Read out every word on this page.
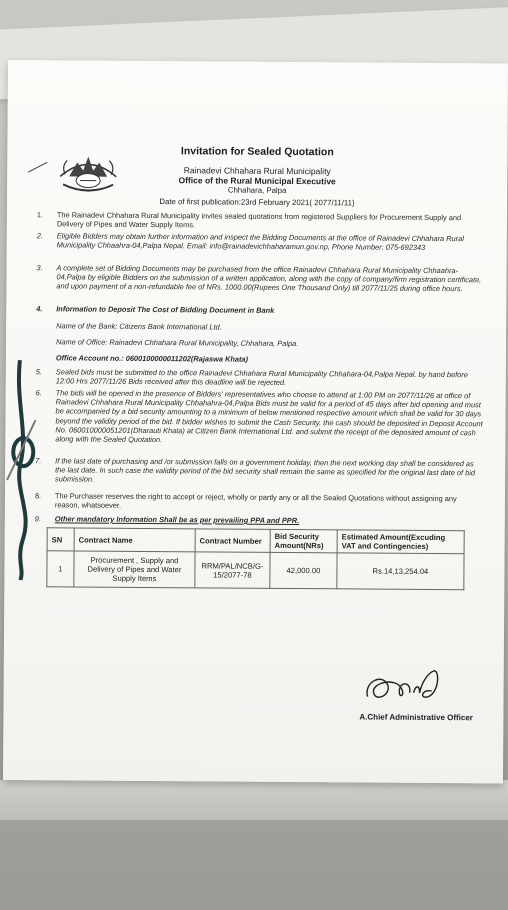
Invitation for Sealed Quotation
Rainadevi Chhahara Rural Municipality
Office of the Rural Municipal Executive
Chhahara, Palpa
Date of first publication:23rd February 2021( 2077/11/11)
1. The Rainadevi Chhahara Rural Municipality invites sealed quotations from registered Suppliers for Procurement Supply and Delivery of Pipes and Water Supply Items.
2. Eligible Bidders may obtain further information and inspect the Bidding Documents at the office of Rainadevi Chhahara Rural Municipality Chhaahra-04,Palpa Nepal. Email: info@rainadevichhaharamun.gov.np, Phone Number: 075-692343
3. A complete set of Bidding Documents may be purchased from the office Rainadevi Chhahara Rural Municipality Chhaahra-04,Palpa by eligible Bidders on the submission of a written application, along with the copy of company/firm registration certificate, and upon payment of a non-refundable fee of NRs. 1000.00(Rupees One Thousand Only) till 2077/11/25 during office hours.
4. Information to Deposit The Cost of Bidding Document in Bank
Name of the Bank: Citizens Bank International Ltd.
Name of Office: Rainadevi Chhahara Rural Municipality, Chhahara, Palpa.
Office Account no.: 0600100000011202(Rajaswa Khata)
5. Sealed bids must be submitted to the office Rainadevi Chhahara Rural Municipality Chhahara-04,Palpa Nepal. by hand before 12:00 Hrs 2077/11/26 Bids received after this deadline will be rejected.
6. The bids will be opened in the presence of Bidders' representatives who choose to attend at 1:00 PM on 2077/11/26 at office of Rainadevi Chhahara Rural Municipality Chhahahra-04,Palpa Bids must be valid for a period of 45 days after bid opening and must be accompanied by a bid security amounting to a minimum of below mentioned respective amount which shall be valid for 30 days beyond the validity period of the bid. If bidder wishes to submit the Cash Security, the cash should be deposited in Deposit Account No. 060010000051201(Dharauti Khata) at Citizen Bank International Ltd. and submit the receipt of the deposited amount of cash along with the Sealed Quotation.
7. If the last date of purchasing and /or submission falls on a government holiday, then the next working day shall be considered as the last date. In such case the validity period of the bid security shall remain the same as specified for the original last date of bid submission.
8. The Purchaser reserves the right to accept or reject, wholly or partly any or all the Sealed Quotations without assigning any reason, whatsoever.
9. Other mandatory Information Shall be as per prevailing PPA and PPR.
SN	Contract Name	Contract Number	Bid Security Amount(NRs)	Estimated Amount(Excuding VAT and Contingencies)
1	Procurement , Supply and Delivery of Pipes and Water Supply Items	RRM/PAL/NCB/G-15/2077-78	42,000.00	Rs.14,13,254.04
A.Chief Administrative Officer
